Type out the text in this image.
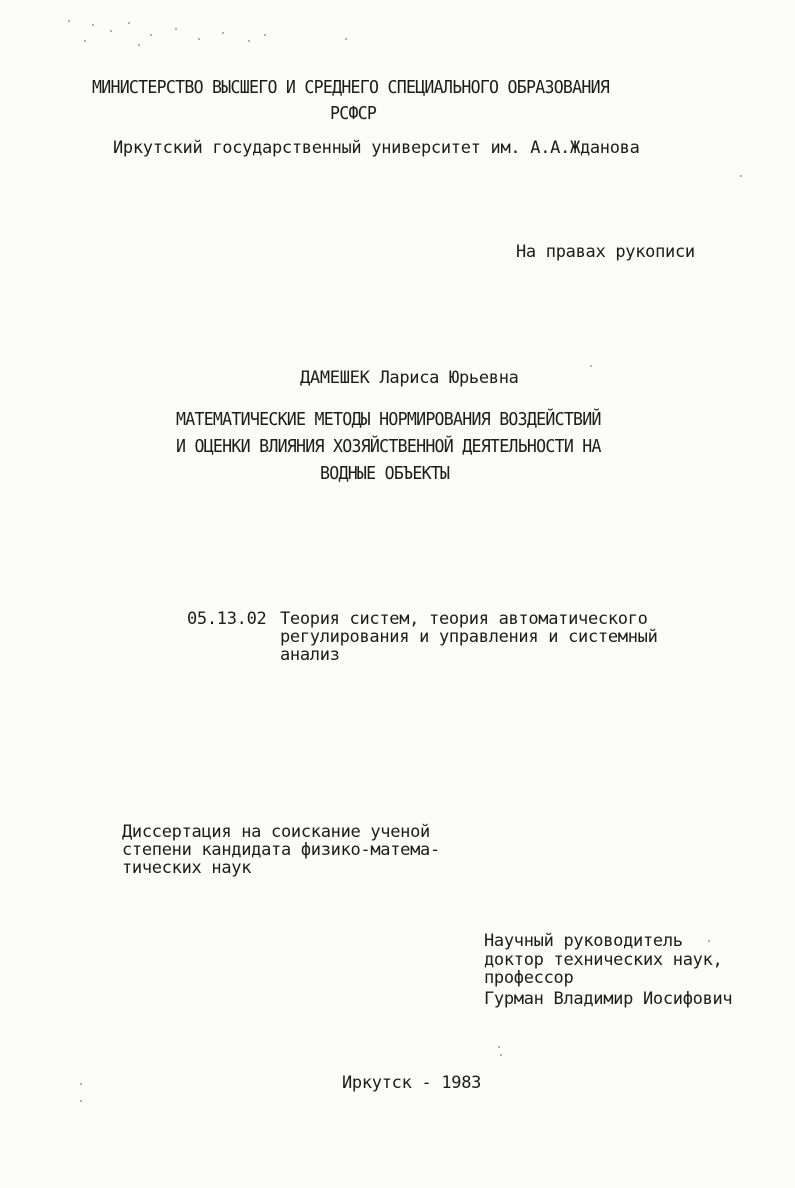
МИНИСТЕРСТВО ВЫСШЕГО И СРЕДНЕГО СПЕЦИАЛЬНОГО ОБРАЗОВАНИЯ
РСФСР
Иркутский государственный университет им. А.А.Жданова
На правах рукописи
ДАМЕШЕК Лариса Юрьевна
МАТЕМАТИЧЕСКИЕ МЕТОДЫ НОРМИРОВАНИЯ ВОЗДЕЙСТВИЙ
И ОЦЕНКИ ВЛИЯНИЯ ХОЗЯЙСТВЕННОЙ ДЕЯТЕЛЬНОСТИ НА
ВОДНЫЕ ОБЪЕКТЫ
05.13.02 Теория систем, теория автоматического
регулирования и управления и системный
анализ
Диссертация на соискание ученой
степени кандидата физико-матема-
тических наук
Научный руководитель
доктор технических наук,
профессор
Гурман Владимир Иосифович
Иркутск - 1983
